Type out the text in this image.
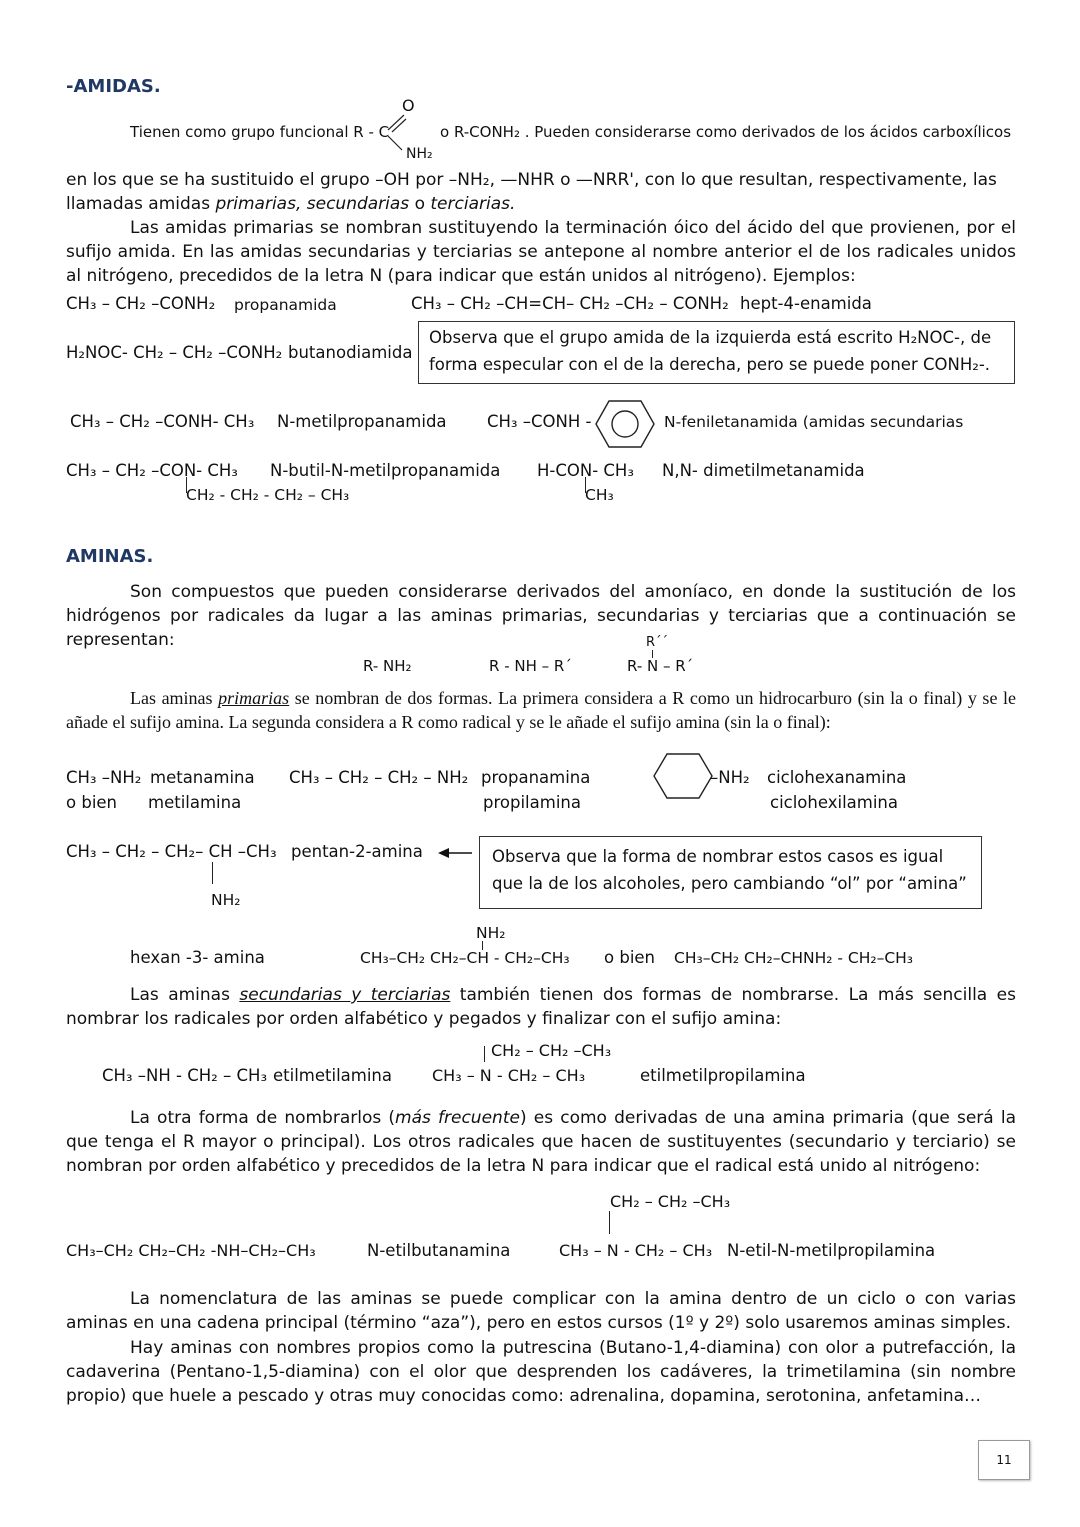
-AMIDAS.
Tienen como grupo funcional R - C
O
NH₂
o R-CONH₂ . Pueden considerarse como derivados de los ácidos carboxílicos
en los que se ha sustituido el grupo –OH por –NH₂, —NHR o —NRR', con lo que resultan, respectivamente, las
llamadas amidas primarias, secundarias o terciarias.
Las amidas primarias se nombran sustituyendo la terminación óico del ácido del que provienen, por el sufijo amida. En las amidas secundarias y terciarias se antepone al nombre anterior el de los radicales unidos al nitrógeno, precedidos de la letra N (para indicar que están unidos al nitrógeno). Ejemplos:
CH₃ – CH₂ –CONH₂ propanamida	CH₃ – CH₂ –CH=CH– CH₂ –CH₂ – CONH₂ hept-4-enamida
H₂NOC- CH₂ – CH₂ –CONH₂ butanodiamida
Observa que el grupo amida de la izquierda está escrito H₂NOC-, de forma especular con el de la derecha, pero se puede poner CONH₂-.
CH₃ – CH₂ –CONH- CH₃ N-metilpropanamida CH₃ –CONH -	N-feniletanamida (amidas secundarias
CH₃ – CH₂ –CON- CH₃
CH₂ - CH₂ - CH₂ – CH₃
N-butil-N-metilpropanamida H-CON- CH₃
CH₃
N,N- dimetilmetanamida
AMINAS.
Son compuestos que pueden considerarse derivados del amoníaco, en donde la sustitución de los hidrógenos por radicales da lugar a las aminas primarias, secundarias y terciarias que a continuación se representan:
R- NH₂	R - NH – R´
R´´
R- N – R´
Las aminas primarias se nombran de dos formas. La primera considera a R como un hidrocarburo (sin la o final) y se le añade el sufijo amina. La segunda considera a R como radical y se le añade el sufijo amina (sin la o final):
CH₃ –NH₂ metanamina
o bien metilamina
CH₃ – CH₂ – CH₂ – NH₂ propanamina
propilamina
–NH₂ ciclohexanamina
ciclohexilamina
CH₃ – CH₂ – CH₂– CH –CH₃
NH₂
pentan-2-amina	Observa que la forma de nombrar estos casos es igual que la de los alcoholes, pero cambiando “ol” por “amina”
hexan -3- amina
NH₂
CH₃–CH₂ CH₂–CH - CH₂–CH₃ o bien CH₃–CH₂ CH₂–CHNH₂ - CH₂–CH₃
Las aminas secundarias y terciarias también tienen dos formas de nombrarse. La más sencilla es nombrar los radicales por orden alfabético y pegados y finalizar con el sufijo amina:
CH₃ –NH - CH₂ – CH₃ etilmetilamina
CH₂ – CH₂ –CH₃
CH₃ – N - CH₂ – CH₃	etilmetilpropilamina
La otra forma de nombrarlos (más frecuente) es como derivadas de una amina primaria (que será la que tenga el R mayor o principal). Los otros radicales que hacen de sustituyentes (secundario y terciario) se nombran por orden alfabético y precedidos de la letra N para indicar que el radical está unido al nitrógeno:
CH₂ – CH₂ –CH₃
CH₃–CH₂ CH₂–CH₂ -NH–CH₂–CH₃	N-etilbutanamina	CH₃ – N - CH₂ – CH₃ N-etil-N-metilpropilamina
La nomenclatura de las aminas se puede complicar con la amina dentro de un ciclo o con varias aminas en una cadena principal (término “aza”), pero en estos cursos (1º y 2º) solo usaremos aminas simples.
Hay aminas con nombres propios como la putrescina (Butano-1,4-diamina) con olor a putrefacción, la cadaverina (Pentano-1,5-diamina) con el olor que desprenden los cadáveres, la trimetilamina (sin nombre propio) que huele a pescado y otras muy conocidas como: adrenalina, dopamina, serotonina, anfetamina…
11
